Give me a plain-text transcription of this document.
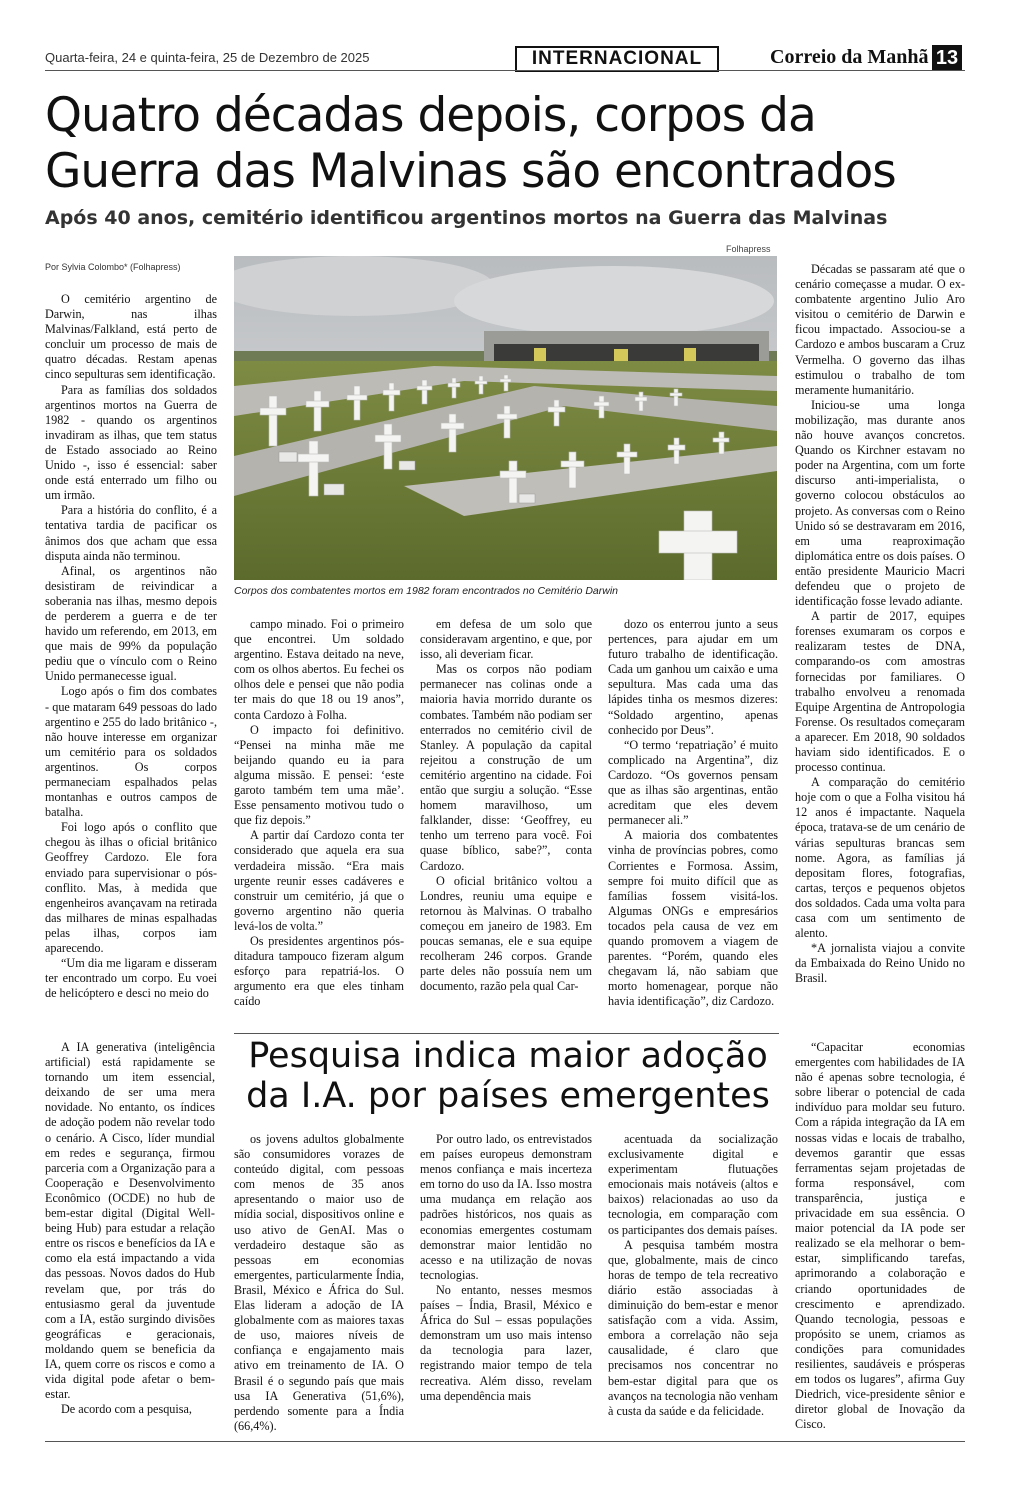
Quarta-feira, 24 e quinta-feira, 25 de Dezembro de 2025	INTERNACIONAL	Correio da Manhã 13
Quatro décadas depois, corpos da Guerra das Malvinas são encontrados
Após 40 anos, cemitério identificou argentinos mortos na Guerra das Malvinas
Por Sylvia Colombo* (Folhapress)
Folhapress

O cemitério argentino de Darwin, nas ilhas Malvinas/Falkland, está perto de concluir um processo de mais de quatro décadas. Restam apenas cinco sepulturas sem identificação.

Para as famílias dos soldados argentinos mortos na Guerra de 1982 - quando os argentinos invadiram as ilhas, que tem status de Estado associado ao Reino Unido -, isso é essencial: saber onde está enterrado um filho ou um irmão.

Para a história do conflito, é a tentativa tardia de pacificar os ânimos dos que acham que essa disputa ainda não terminou.

Afinal, os argentinos não desistiram de reivindicar a soberania nas ilhas, mesmo depois de perderem a guerra e de ter havido um referendo, em 2013, em que mais de 99% da população pediu que o vínculo com o Reino Unido permanecesse igual.

Logo após o fim dos combates - que mataram 649 pessoas do lado argentino e 255 do lado britânico -, não houve interesse em organizar um cemitério para os soldados argentinos. Os corpos permaneciam espalhados pelas montanhas e outros campos de batalha.

Foi logo após o conflito que chegou às ilhas o oficial britânico Geoffrey Cardozo. Ele fora enviado para supervisionar o pós-conflito. Mas, à medida que engenheiros avançavam na retirada das milhares de minas espalhadas pelas ilhas, corpos iam aparecendo.

“Um dia me ligaram e disseram ter encontrado um corpo. Eu voei de helicóptero e desci no meio do

campo minado. Foi o primeiro que encontrei. Um soldado argentino. Estava deitado na neve, com os olhos abertos. Eu fechei os olhos dele e pensei que não podia ter mais do que 18 ou 19 anos”, conta Cardozo à Folha.

O impacto foi definitivo. “Pensei na minha mãe me beijando quando eu ia para alguma missão. E pensei: ‘este garoto também tem uma mãe’. Esse pensamento motivou tudo o que fiz depois.”

A partir daí Cardozo conta ter considerado que aquela era sua verdadeira missão. “Era mais urgente reunir esses cadáveres e construir um cemitério, já que o governo argentino não queria levá-los de volta.”

Os presidentes argentinos pós-ditadura tampouco fizeram algum esforço para repatriá-los. O argumento era que eles tinham caído

em defesa de um solo que consideravam argentino, e que, por isso, ali deveriam ficar.

Mas os corpos não podiam permanecer nas colinas onde a maioria havia morrido durante os combates. Também não podiam ser enterrados no cemitério civil de Stanley. A população da capital rejeitou a construção de um cemitério argentino na cidade. Foi então que surgiu a solução. “Esse homem maravilhoso, um falklander, disse: ‘Geoffrey, eu tenho um terreno para você. Foi quase bíblico, sabe?”, conta Cardozo.

O oficial britânico voltou a Londres, reuniu uma equipe e retornou às Malvinas. O trabalho começou em janeiro de 1983. Em poucas semanas, ele e sua equipe recolheram 246 corpos. Grande parte deles não possuía nem um documento, razão pela qual Car-

dozo os enterrou junto a seus pertences, para ajudar em um futuro trabalho de identificação. Cada um ganhou um caixão e uma sepultura. Mas cada uma das lápides tinha os mesmos dizeres: “Soldado argentino, apenas conhecido por Deus”.

“O termo ‘repatriação’ é muito complicado na Argentina”, diz Cardozo. “Os governos pensam que as ilhas são argentinas, então acreditam que eles devem permanecer ali.”

A maioria dos combatentes vinha de províncias pobres, como Corrientes e Formosa. Assim, sempre foi muito difícil que as famílias fossem visitá-los. Algumas ONGs e empresários tocados pela causa de vez em quando promovem a viagem de parentes. “Porém, quando eles chegavam lá, não sabiam que morto homenagear, porque não havia identificação”, diz Cardozo.

Décadas se passaram até que o cenário começasse a mudar. O ex-combatente argentino Julio Aro visitou o cemitério de Darwin e ficou impactado. Associou-se a Cardozo e ambos buscaram a Cruz Vermelha. O governo das ilhas estimulou o trabalho de tom meramente humanitário.

Iniciou-se uma longa mobilização, mas durante anos não houve avanços concretos. Quando os Kirchner estavam no poder na Argentina, com um forte discurso anti-imperialista, o governo colocou obstáculos ao projeto. As conversas com o Reino Unido só se destravaram em 2016, em uma reaproximação diplomática entre os dois países. O então presidente Mauricio Macri defendeu que o projeto de identificação fosse levado adiante.

A partir de 2017, equipes forenses exumaram os corpos e realizaram testes de DNA, comparando-os com amostras fornecidas por familiares. O trabalho envolveu a renomada Equipe Argentina de Antropologia Forense. Os resultados começaram a aparecer. Em 2018, 90 soldados haviam sido identificados. E o processo continua.

A comparação do cemitério hoje com o que a Folha visitou há 12 anos é impactante. Naquela época, tratava-se de um cenário de várias sepulturas brancas sem nome. Agora, as famílias já depositam flores, fotografias, cartas, terços e pequenos objetos dos soldados. Cada uma volta para casa com um sentimento de alento.

*A jornalista viajou a convite da Embaixada do Reino Unido no Brasil.

Corpos dos combatentes mortos em 1982 foram encontrados no Cemitério Darwin
Pesquisa indica maior adoção da I.A. por países emergentes

A IA generativa (inteligência artificial) está rapidamente se tornando um item essencial, deixando de ser uma mera novidade. No entanto, os índices de adoção podem não revelar todo o cenário. A Cisco, líder mundial em redes e segurança, firmou parceria com a Organização para a Cooperação e Desenvolvimento Econômico (OCDE) no hub de bem-estar digital (Digital Well-being Hub) para estudar a relação entre os riscos e benefícios da IA e como ela está impactando a vida das pessoas. Novos dados do Hub revelam que, por trás do entusiasmo geral da juventude com a IA, estão surgindo divisões geográficas e geracionais, moldando quem se beneficia da IA, quem corre os riscos e como a vida digital pode afetar o bem-estar.

De acordo com a pesquisa,

os jovens adultos globalmente são consumidores vorazes de conteúdo digital, com pessoas com menos de 35 anos apresentando o maior uso de mídia social, dispositivos online e uso ativo de GenAI. Mas o verdadeiro destaque são as pessoas em economias emergentes, particularmente Índia, Brasil, México e África do Sul. Elas lideram a adoção de IA globalmente com as maiores taxas de uso, maiores níveis de confiança e engajamento mais ativo em treinamento de IA. O Brasil é o segundo país que mais usa IA Generativa (51,6%), perdendo somente para a Índia (66,4%).

Por outro lado, os entrevistados em países europeus demonstram menos confiança e mais incerteza em torno do uso da IA. Isso mostra uma mudança em relação aos padrões históricos, nos quais as economias emergentes costumam demonstrar maior lentidão no acesso e na utilização de novas tecnologias.

No entanto, nesses mesmos países – Índia, Brasil, México e África do Sul – essas populações demonstram um uso mais intenso da tecnologia para lazer, registrando maior tempo de tela recreativa. Além disso, revelam uma dependência mais

acentuada da socialização exclusivamente digital e experimentam flutuações emocionais mais notáveis (altos e baixos) relacionadas ao uso da tecnologia, em comparação com os participantes dos demais países.

A pesquisa também mostra que, globalmente, mais de cinco horas de tempo de tela recreativo diário estão associadas à diminuição do bem-estar e menor satisfação com a vida. Assim, embora a correlação não seja causalidade, é claro que precisamos nos concentrar no bem-estar digital para que os avanços na tecnologia não venham à custa da saúde e da felicidade.

“Capacitar economias emergentes com habilidades de IA não é apenas sobre tecnologia, é sobre liberar o potencial de cada indivíduo para moldar seu futuro. Com a rápida integração da IA em nossas vidas e locais de trabalho, devemos garantir que essas ferramentas sejam projetadas de forma responsável, com transparência, justiça e privacidade em sua essência. O maior potencial da IA pode ser realizado se ela melhorar o bem-estar, simplificando tarefas, aprimorando a colaboração e criando oportunidades de crescimento e aprendizado. Quando tecnologia, pessoas e propósito se unem, criamos as condições para comunidades resilientes, saudáveis e prósperas em todos os lugares”, afirma Guy Diedrich, vice-presidente sênior e diretor global de Inovação da Cisco.
